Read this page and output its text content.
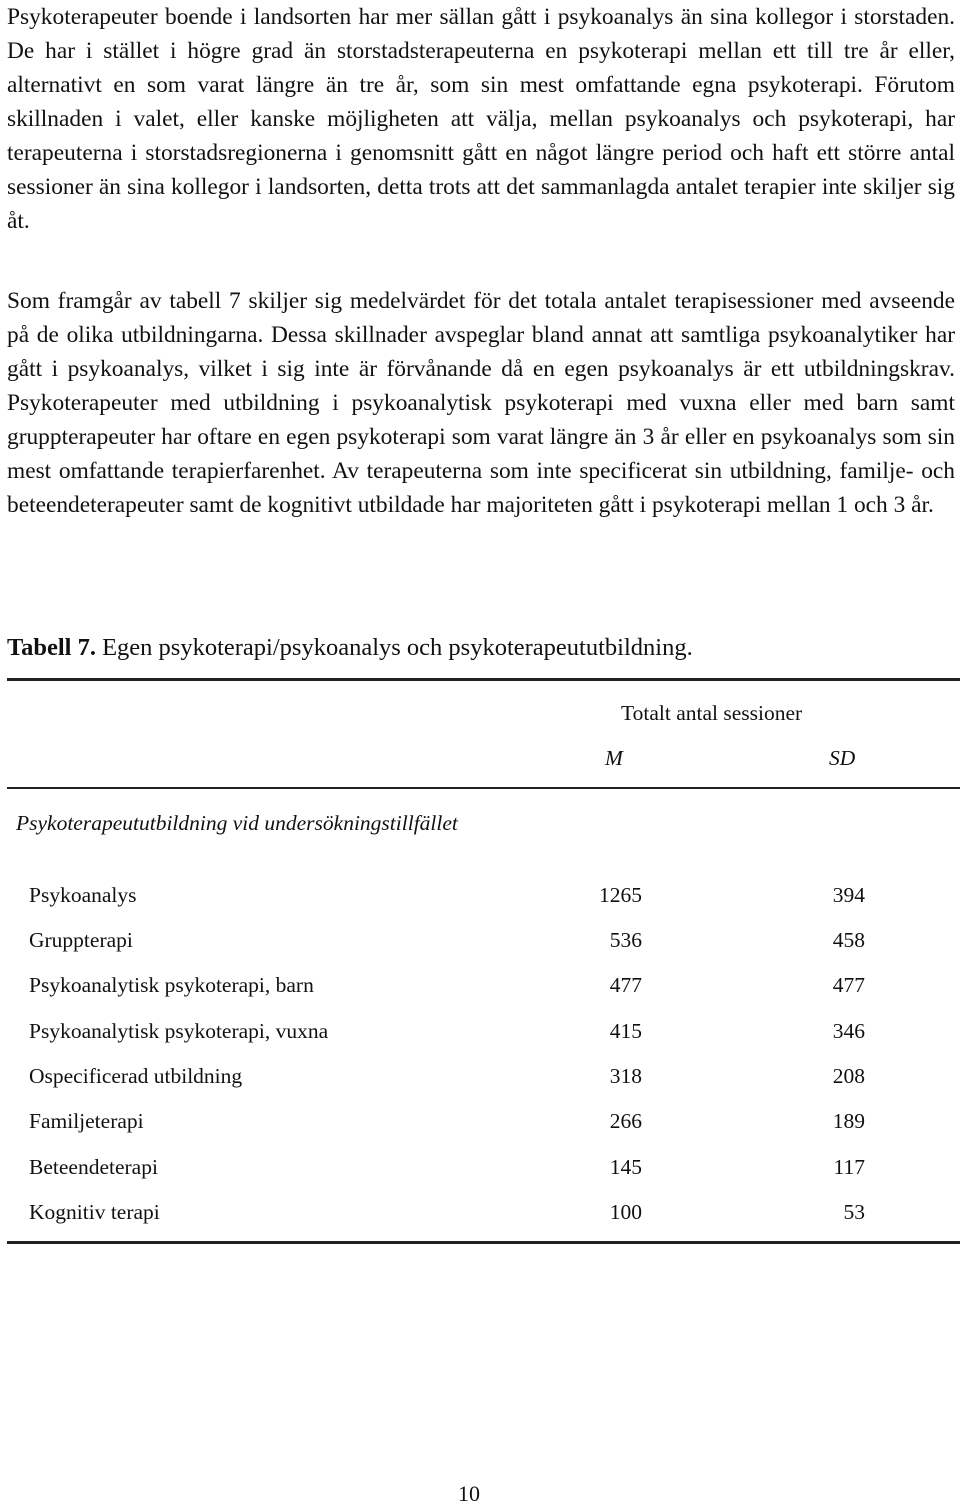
Psykoterapeuter boende i landsorten har mer sällan gått i psykoanalys än sina kollegor i storstaden. De har i stället i högre grad än storstadsterapeuterna en psykoterapi mellan ett till tre år eller, alternativt en som varat längre än tre år, som sin mest omfattande egna psykoterapi. Förutom skillnaden i valet, eller kanske möjligheten att välja, mellan psykoanalys och psykoterapi, har terapeuterna i storstadsregionerna i genomsnitt gått en något längre period och haft ett större antal sessioner än sina kollegor i landsorten, detta trots att det sammanlagda antalet terapier inte skiljer sig åt.

Som framgår av tabell 7 skiljer sig medelvärdet för det totala antalet terapisessioner med avseende på de olika utbildningarna. Dessa skillnader avspeglar bland annat att samtliga psykoanalytiker har gått i psykoanalys, vilket i sig inte är förvånande då en egen psykoanalys är ett utbildningskrav. Psykoterapeuter med utbildning i psykoanalytisk psykoterapi med vuxna eller med barn samt gruppterapeuter har oftare en egen psykoterapi som varat längre än 3 år eller en psykoanalys som sin mest omfattande terapierfarenhet. Av terapeuterna som inte specificerat sin utbildning, familje- och beteendeterapeuter samt de kognitivt utbildade har majoriteten gått i psykoterapi mellan 1 och 3 år.

Tabell 7. Egen psykoterapi/psykoanalys och psykoterapeututbildning.

Totalt antal sessioner

M	SD

Psykoterapeututbildning vid undersökningstillfället

Psykoanalys	1265	394
Gruppterapi	536	458
Psykoanalytisk psykoterapi, barn	477	477
Psykoanalytisk psykoterapi, vuxna	415	346
Ospecificerad utbildning	318	208
Familjeterapi	266	189
Beteendeterapi	145	117
Kognitiv terapi	100	53
10
